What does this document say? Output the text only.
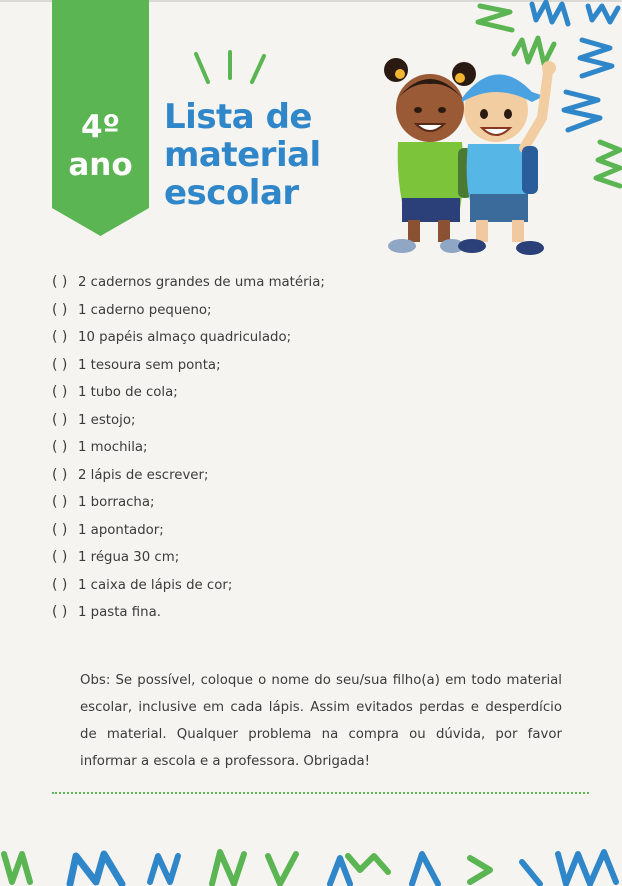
4º
ano
Lista de
material
escolar
( ) 2 cadernos grandes de uma matéria;
( ) 1 caderno pequeno;
( ) 10 papéis almaço quadriculado;
( ) 1 tesoura sem ponta;
( ) 1 tubo de cola;
( ) 1 estojo;
( ) 1 mochila;
( ) 2 lápis de escrever;
( ) 1 borracha;
( ) 1 apontador;
( ) 1 régua 30 cm;
( ) 1 caixa de lápis de cor;
( ) 1 pasta fina.

Obs: Se possível, coloque o nome do seu/sua filho(a) em todo material escolar, inclusive em cada lápis. Assim evitados perdas e desperdício de material. Qualquer problema na compra ou dúvida, por favor informar a escola e a professora. Obrigada!
